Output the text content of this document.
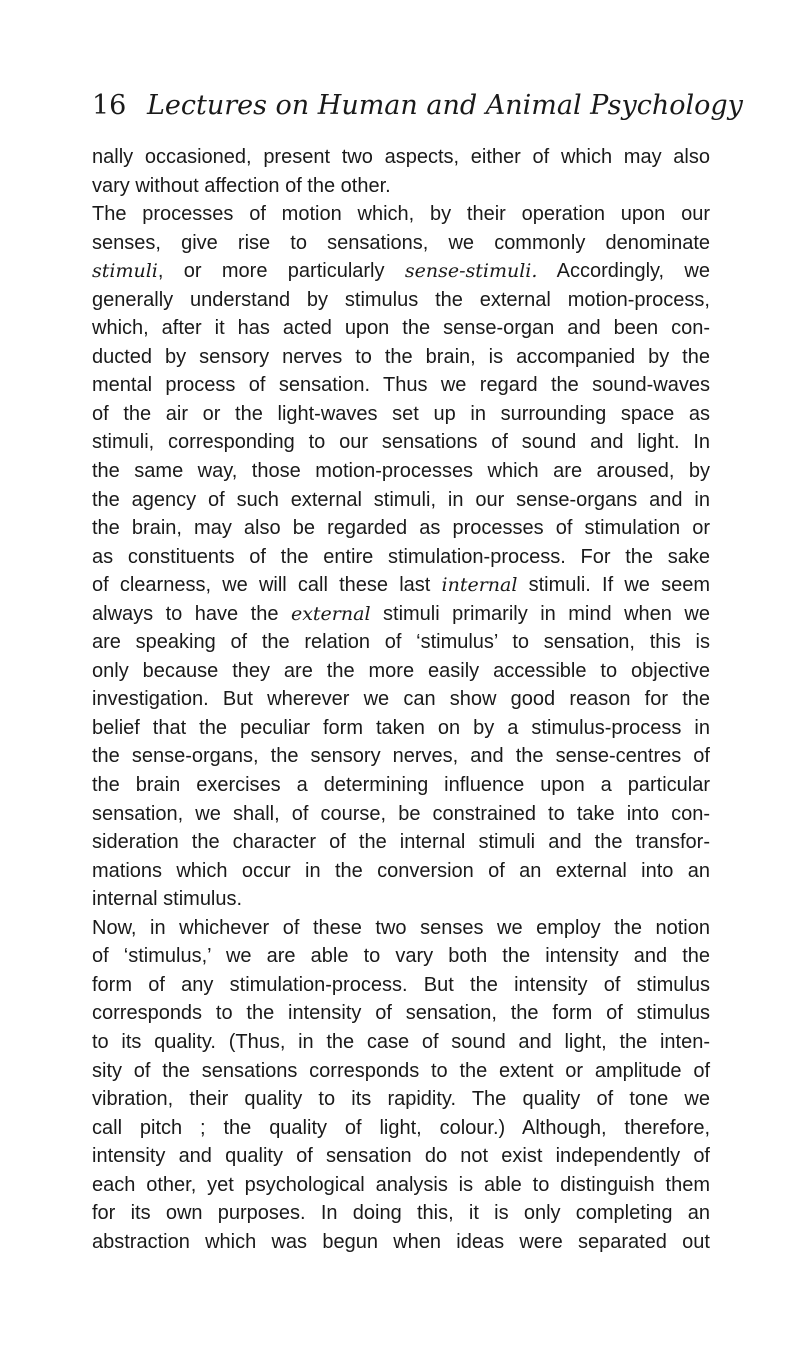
16 Lectures on Human and Animal Psychology
nally occasioned, present two aspects, either of which may also
vary without affection of the other.
The processes of motion which, by their operation upon our
senses, give rise to sensations, we commonly denominate
stimuli, or more particularly sense-stimuli. Accordingly, we
generally understand by stimulus the external motion-process,
which, after it has acted upon the sense-organ and been con-
ducted by sensory nerves to the brain, is accompanied by the
mental process of sensation. Thus we regard the sound-waves
of the air or the light-waves set up in surrounding space as
stimuli, corresponding to our sensations of sound and light. In
the same way, those motion-processes which are aroused, by
the agency of such external stimuli, in our sense-organs and in
the brain, may also be regarded as processes of stimulation or
as constituents of the entire stimulation-process. For the sake
of clearness, we will call these last internal stimuli. If we seem
always to have the external stimuli primarily in mind when we
are speaking of the relation of ‘stimulus’ to sensation, this is
only because they are the more easily accessible to objective
investigation. But wherever we can show good reason for the
belief that the peculiar form taken on by a stimulus-process in
the sense-organs, the sensory nerves, and the sense-centres of
the brain exercises a determining influence upon a particular
sensation, we shall, of course, be constrained to take into con-
sideration the character of the internal stimuli and the transfor-
mations which occur in the conversion of an external into an
internal stimulus.
Now, in whichever of these two senses we employ the notion
of ‘stimulus,’ we are able to vary both the intensity and the
form of any stimulation-process. But the intensity of stimulus
corresponds to the intensity of sensation, the form of stimulus
to its quality. (Thus, in the case of sound and light, the inten-
sity of the sensations corresponds to the extent or amplitude of
vibration, their quality to its rapidity. The quality of tone we
call pitch ; the quality of light, colour.) Although, therefore,
intensity and quality of sensation do not exist independently of
each other, yet psychological analysis is able to distinguish them
for its own purposes. In doing this, it is only completing an
abstraction which was begun when ideas were separated out
